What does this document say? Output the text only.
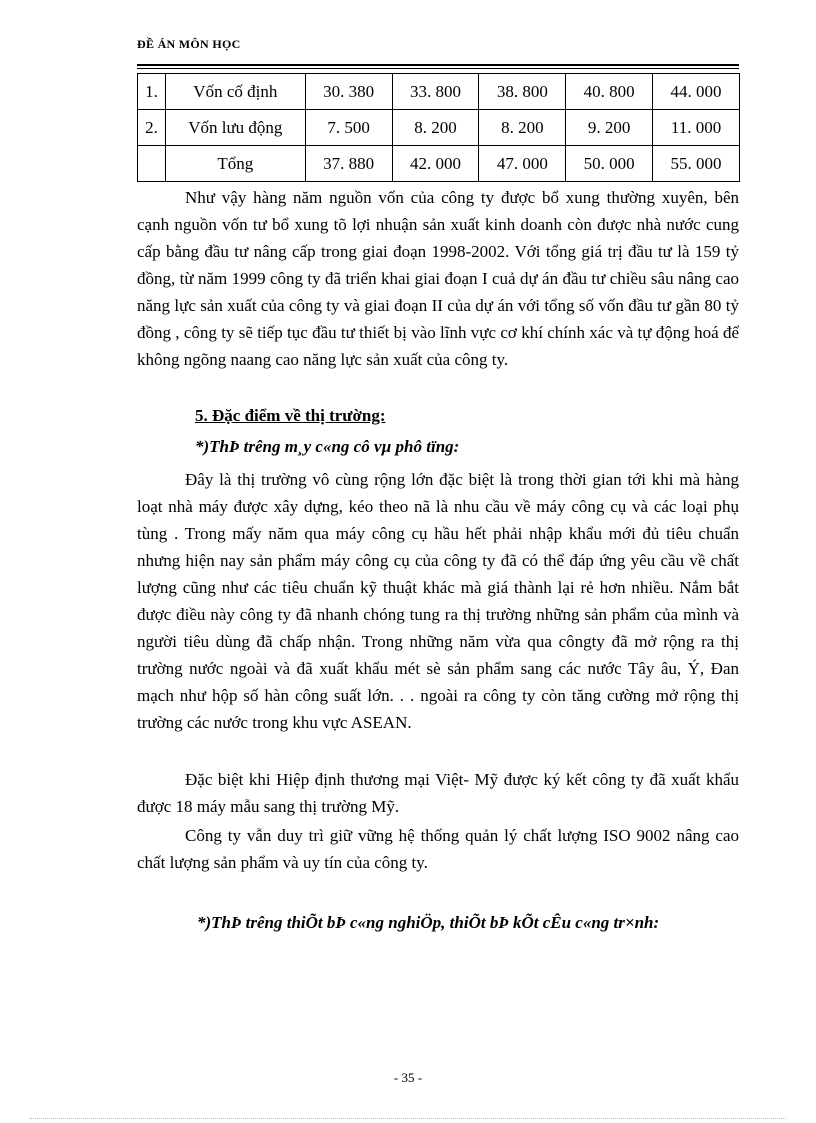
ĐỀ ÁN MÔN HỌC
1.	Vốn cố định	30. 380	33. 800	38. 800	40. 800	44. 000
2.	Vốn lưu động	7. 500	8. 200	8. 200	9. 200	11. 000
	Tổng	37. 880	42. 000	47. 000	50. 000	55. 000

Như vậy hàng năm nguồn vốn của công ty được bổ xung thường xuyên, bên cạnh nguồn vốn tư bổ xung tõ lợi nhuận sản xuất kinh doanh còn được nhà nước cung cấp bằng đầu tư nâng cấp trong giai đoạn 1998-2002. Với tổng giá trị đầu tư là 159 tỷ đồng, từ năm 1999 công ty đã triển khai giai đoạn I cuả dự án đầu tư chiều sâu nâng cao năng lực sản xuất của công ty và giai đoạn II của dự án với tổng số vốn đầu tư gần 80 tỷ đồng , công ty sẽ tiếp tục đầu tư thiết bị vào lĩnh vực cơ khí chính xác và tự động hoá để không ngõng naang cao năng lực sản xuất của công ty.

5. Đặc điểm về thị trường:
*)ThÞ trêng m¸y c«ng cô vµ phô tïng:

Đây là thị trường vô cùng rộng lớn đặc biệt là trong thời gian tới khi mà hàng loạt nhà máy được xây dựng, kéo theo nã là nhu cầu về máy công cụ và các loại phụ tùng . Trong mấy năm qua máy công cụ hầu hết phải nhập khẩu mới đủ tiêu chuẩn nhưng hiện nay sản phẩm máy công cụ của công ty đã có thể đáp ứng yêu cầu về chất lượng cũng như các tiêu chuẩn kỹ thuật khác mà giá thành lại rẻ hơn nhiều. Nắm bắt được điều này công ty đã nhanh chóng tung ra thị trường những sản phẩm của mình và người tiêu dùng đã chấp nhận. Trong những năm vừa qua côngty đã mở rộng ra thị trường nước ngoài và đã xuất khẩu mét sè sản phẩm sang các nước Tây âu, Ý, Đan mạch như hộp số hàn công suất lớn. . . ngoài ra công ty còn tăng cường mở rộng thị trường các nước trong khu vực ASEAN.

Đặc biệt khi Hiệp định thương mại Việt- Mỹ được ký kết công ty đã xuất khẩu được 18 máy mẫu sang thị trường Mỹ.

Công ty vẫn duy trì giữ vững hệ thống quản lý chất lượng ISO 9002 nâng cao chất lượng sản phẩm và uy tín của công ty.

*)ThÞ trêng thiÕt bÞ c«ng nghiÖp, thiÕt bÞ kÕt cÊu c«ng tr×nh:
- 35 -
